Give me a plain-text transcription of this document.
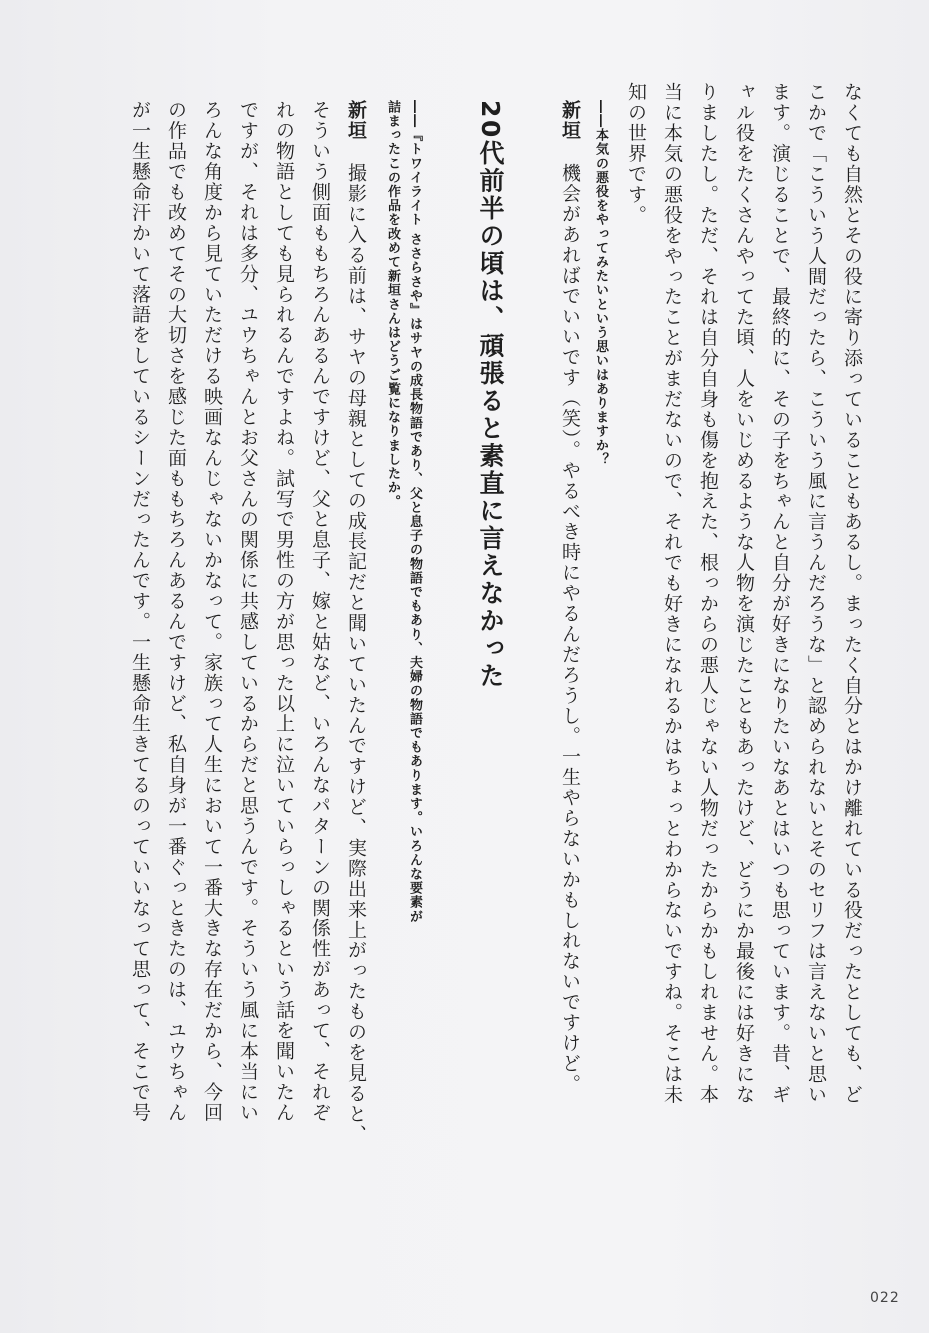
なくても自然とその役に寄り添っていることもあるし。まったく自分とはかけ離れている役だったとしても、ど
こかで「こういう人間だったら、こういう風に言うんだろうな」と認められないとそのセリフは言えないと思い
ます。演じることで、最終的に、その子をちゃんと自分が好きになりたいなあとはいつも思っています。昔、ギ
ャル役をたくさんやってた頃、人をいじめるような人物を演じたこともあったけど、どうにか最後には好きにな
りましたし。ただ、それは自分自身も傷を抱えた、根っからの悪人じゃない人物だったからかもしれません。本
当に本気の悪役をやったことがまだないので、それでも好きになれるかはちょっとわからないですね。そこは未
知の世界です。
――本気の悪役をやってみたいという思いはありますか？
新垣機会があればでいいです（笑）。やるべき時にやるんだろうし。一生やらないかもしれないですけど。
20代前半の頃は、頑張ると素直に言えなかった
――『トワイライト ささらさや』はサヤの成長物語であり、父と息子の物語でもあり、夫婦の物語でもあります。いろんな要素が
詰まったこの作品を改めて新垣さんはどうご覧になりましたか。
新垣撮影に入る前は、サヤの母親としての成長記だと聞いていたんですけど、実際出来上がったものを見ると、
そういう側面ももちろんあるんですけど、父と息子、嫁と姑など、いろんなパターンの関係性があって、それぞ
れの物語としても見られるんですよね。試写で男性の方が思った以上に泣いていらっしゃるという話を聞いたん
ですが、それは多分、ユウちゃんとお父さんの関係に共感しているからだと思うんです。そういう風に本当にい
ろんな角度から見ていただける映画なんじゃないかなって。家族って人生において一番大きな存在だから、今回
の作品でも改めてその大切さを感じた面ももちろんあるんですけど、私自身が一番ぐっときたのは、ユウちゃん
が一生懸命汗かいて落語をしているシーンだったんです。一生懸命生きてるのっていいなって思って、そこで号
022
